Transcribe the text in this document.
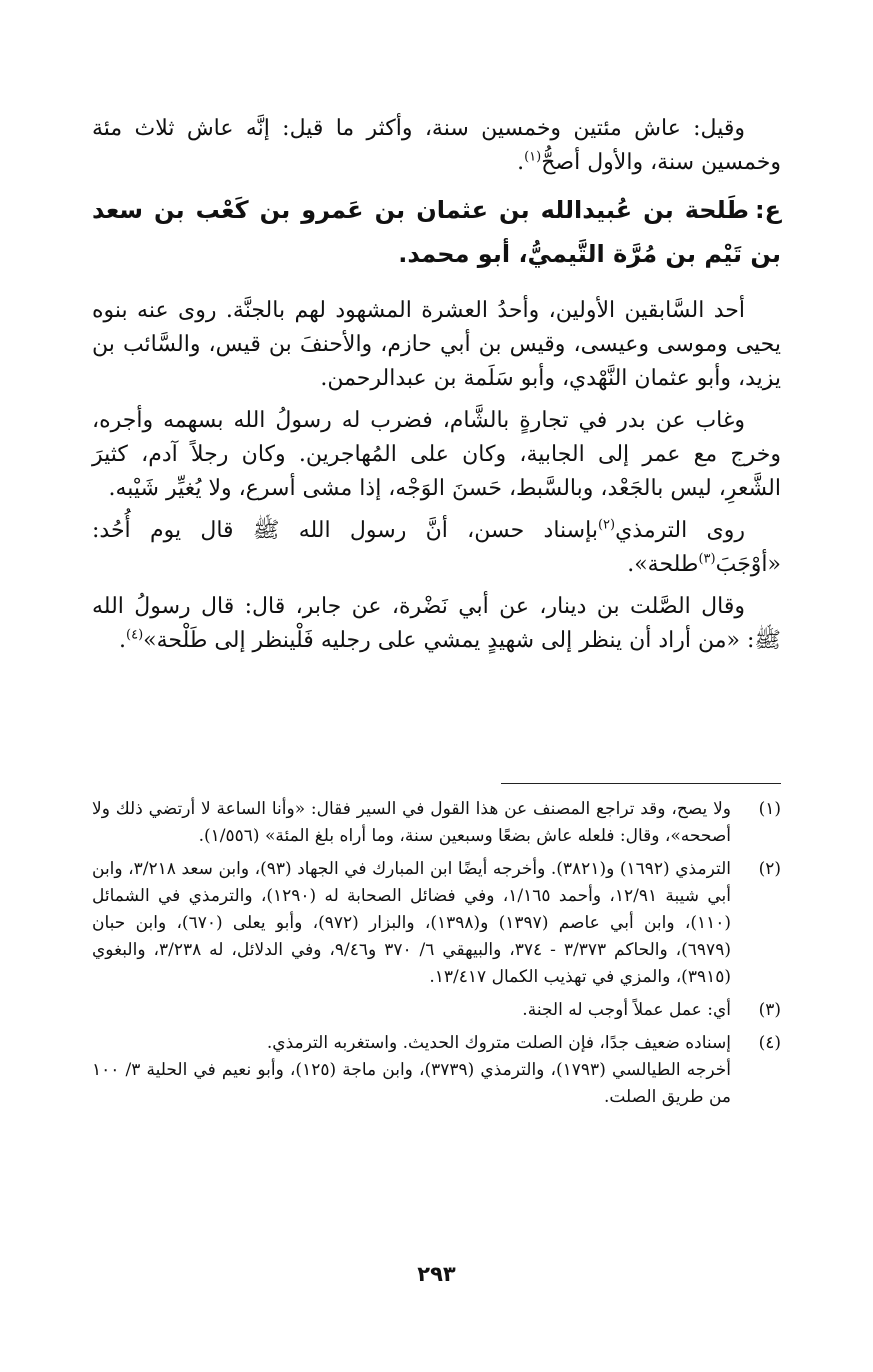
وقيل: عاش مئتين وخمسين سنة، وأكثر ما قيل: إنَّه عاش ثلاث مئة وخمسين سنة، والأول أصحُّ$^{(١)}$.

ع:طَلحة بن عُبيدالله بن عثمان بن عَمرو بن كَعْب بن سعد بن تَيْم بن مُرَّة التَّيميُّ، أبو محمد.

أحد السَّابقين الأولين، وأحدُ العشرة المشهود لهم بالجنَّة. روى عنه بنوه يحيى وموسى وعيسى، وقيس بن أبي حازم، والأحنفَ بن قيس، والسَّائب بن يزيد، وأبو عثمان النَّهْدي، وأبو سَلَمة بن عبدالرحمن.

وغاب عن بدر في تجارةٍ بالشَّام، فضرب له رسولُ الله بسهمه وأجره، وخرج مع عمر إلى الجابية، وكان على المُهاجرين. وكان رجلاً آدم، كثيرَ الشَّعرِ، ليس بالجَعْد، وبالسَّبط، حَسنَ الوَجْه، إذا مشى أسرع، ولا يُغيِّر شَيْبه.

روى الترمذي$^{(٢)}$بإسناد حسن، أنَّ رسول الله ﷺ قال يوم أُحُد: «أوْجَبَ$^{(٣)}$طلحة».

وقال الصَّلت بن دينار، عن أبي نَضْرة، عن جابر، قال: قال رسولُ الله ﷺ: «من أراد أن ينظر إلى شهيدٍ يمشي على رجليه فَلْينظر إلى طَلْحة»$^{(٤)}$.

(١)

ولا يصح، وقد تراجع المصنف عن هذا القول في السير فقال: «وأنا الساعة لا أرتضي ذلك ولا أصححه»، وقال: فلعله عاش بضعًا وسبعين سنة، وما أراه بلغ المئة» (١/٥٥٦).

(٢)

الترمذي (١٦٩٢) و(٣٨٢١). وأخرجه أيضًا ابن المبارك في الجهاد (٩٣)، وابن سعد ٣/٢١٨، وابن أبي شيبة ١٢/٩١، وأحمد ١/١٦٥، وفي فضائل الصحابة له (١٢٩٠)، والترمذي في الشمائل (١١٠)، وابن أبي عاصم (١٣٩٧) و(١٣٩٨)، والبزار (٩٧٢)، وأبو يعلى (٦٧٠)، وابن حبان (٦٩٧٩)، والحاكم ٣/٣٧٣ - ٣٧٤، والبيهقي ٦/ ٣٧٠ و٩/٤٦، وفي الدلائل، له ٣/٢٣٨، والبغوي (٣٩١٥)، والمزي في تهذيب الكمال ١٣/٤١٧.

(٣)

أي: عمل عملاً أوجب له الجنة.

(٤)

إسناده ضعيف جدًا، فإن الصلت متروك الحديث. واستغربه الترمذي.

أخرجه الطيالسي (١٧٩٣)، والترمذي (٣٧٣٩)، وابن ماجة (١٢٥)، وأبو نعيم في الحلية ٣/ ١٠٠ من طريق الصلت.

٢٩٣
